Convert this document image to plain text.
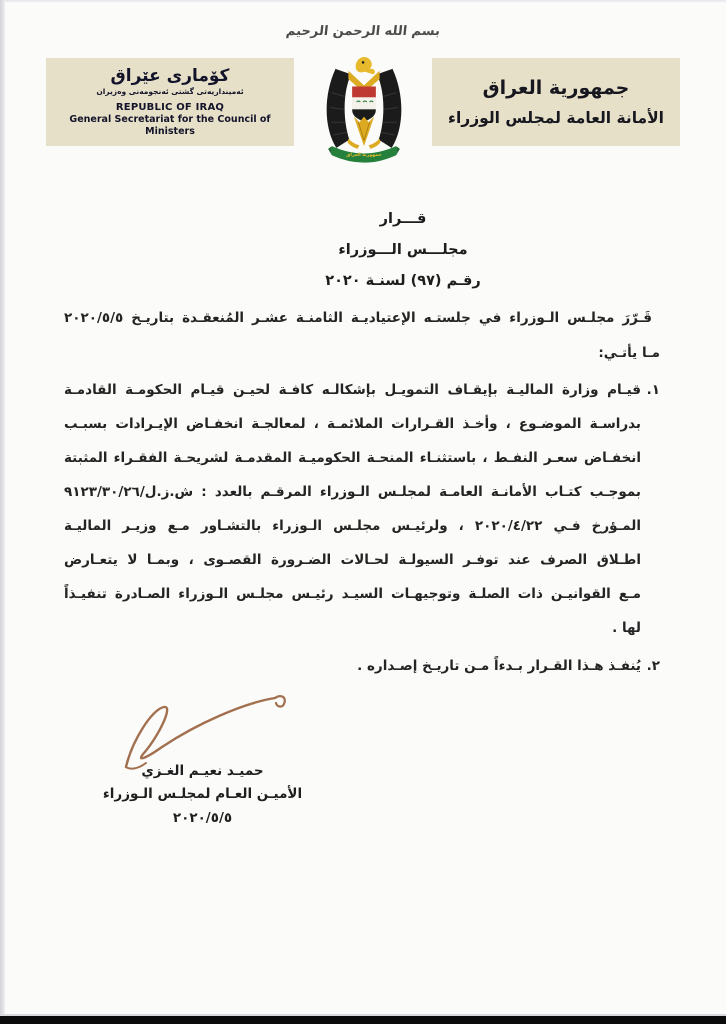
بسم الله الرحمن الرحيم
كۆماری عێراق
ئەمینداریەتی گشتی ئەنجومەنی وەزیران
REPUBLIC OF IRAQ
General Secretariat for the Council of Ministers
جمهورية العراق
الأمانة العامة لمجلس الوزراء
جمهورية العراق
قـــرار
مجلـــس الـــوزراء
رقـم (٩٧) لسنـة ٢٠٢٠
قَـرّرَ مجلـس الـوزراء في جلستـه الإعتياديـة الثامنـة عشـر المُنعقـدة بتاريـخ ٢٠٢٠/٥/٥
مـا يأتـي:
١.
قيـام وزارة الماليـة بإيقـاف التمويـل بإشكالـه كافـة لحيـن قيـام الحكومـة القادمـة
بدراسـة الموضـوع ، وأخـذ القـرارات الملائمـة ، لمعالجـة انخفـاض الإيـرادات بسبـب
انخفـاض سعـر النفـط ، باستثنـاء المنحـة الحكوميـة المقدمـة لشريحـة الفقـراء المثبتة
بموجـب كتـاب الأمانـة العامـة لمجلـس الـوزراء المرقـم بالعدد : ش.ز.ل/‏٢٦/‏٣٠/‏٩١٢٣
المـؤرخ فـي ٢٠٢٠/٤/٢٢ ، ولرئيـس مجلـس الـوزراء بالتشـاور مـع وزيـر الماليـة
اطـلاق الصرف عند توفـر السيولـة لحـالات الضـرورة القصـوى ، وبمـا لا يتعـارض
مـع القوانيـن ذات الصلـة وتوجيهـات السيـد رئيـس مجلـس الـوزراء الصـادرة تنفيـذاً
لها .
٢.
يُنفـذ هـذا القـرار بـدءاً مـن تاريـخ إصـداره .
حميـد نعيـم الغـزي
الأميـن العـام لمجلـس الـوزراء
٢٠٢٠/٥/٥
